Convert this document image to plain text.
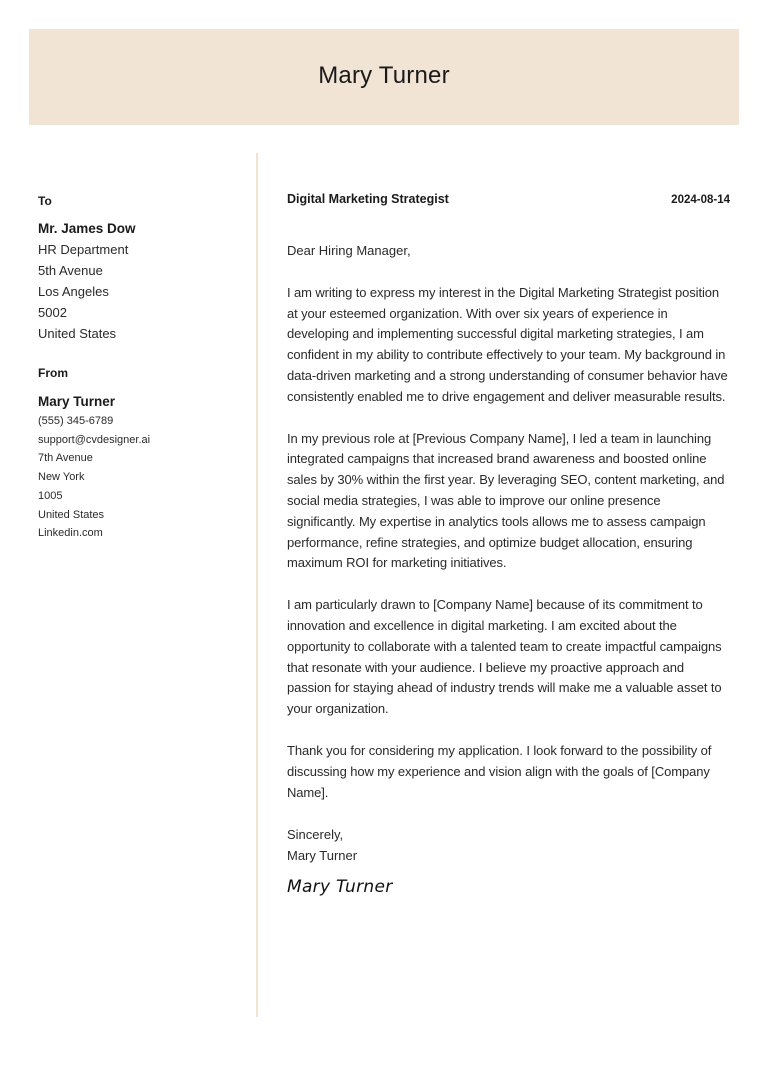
Mary Turner
To
Mr. James Dow
HR Department
5th Avenue
Los Angeles
5002
United States
From
Mary Turner
(555) 345-6789
support@cvdesigner.ai
7th Avenue
New York
1005
United States
Linkedin.com
Digital Marketing Strategist	2024-08-14
Dear Hiring Manager,
I am writing to express my interest in the Digital Marketing Strategist position at your esteemed organization. With over six years of experience in developing and implementing successful digital marketing strategies, I am confident in my ability to contribute effectively to your team. My background in data-driven marketing and a strong understanding of consumer behavior have consistently enabled me to drive engagement and deliver measurable results.
In my previous role at [Previous Company Name], I led a team in launching integrated campaigns that increased brand awareness and boosted online sales by 30% within the first year. By leveraging SEO, content marketing, and social media strategies, I was able to improve our online presence significantly. My expertise in analytics tools allows me to assess campaign performance, refine strategies, and optimize budget allocation, ensuring maximum ROI for marketing initiatives.
I am particularly drawn to [Company Name] because of its commitment to innovation and excellence in digital marketing. I am excited about the opportunity to collaborate with a talented team to create impactful campaigns that resonate with your audience. I believe my proactive approach and passion for staying ahead of industry trends will make me a valuable asset to your organization.
Thank you for considering my application. I look forward to the possibility of discussing how my experience and vision align with the goals of [Company Name].
Sincerely,
Mary Turner
Mary Turner
